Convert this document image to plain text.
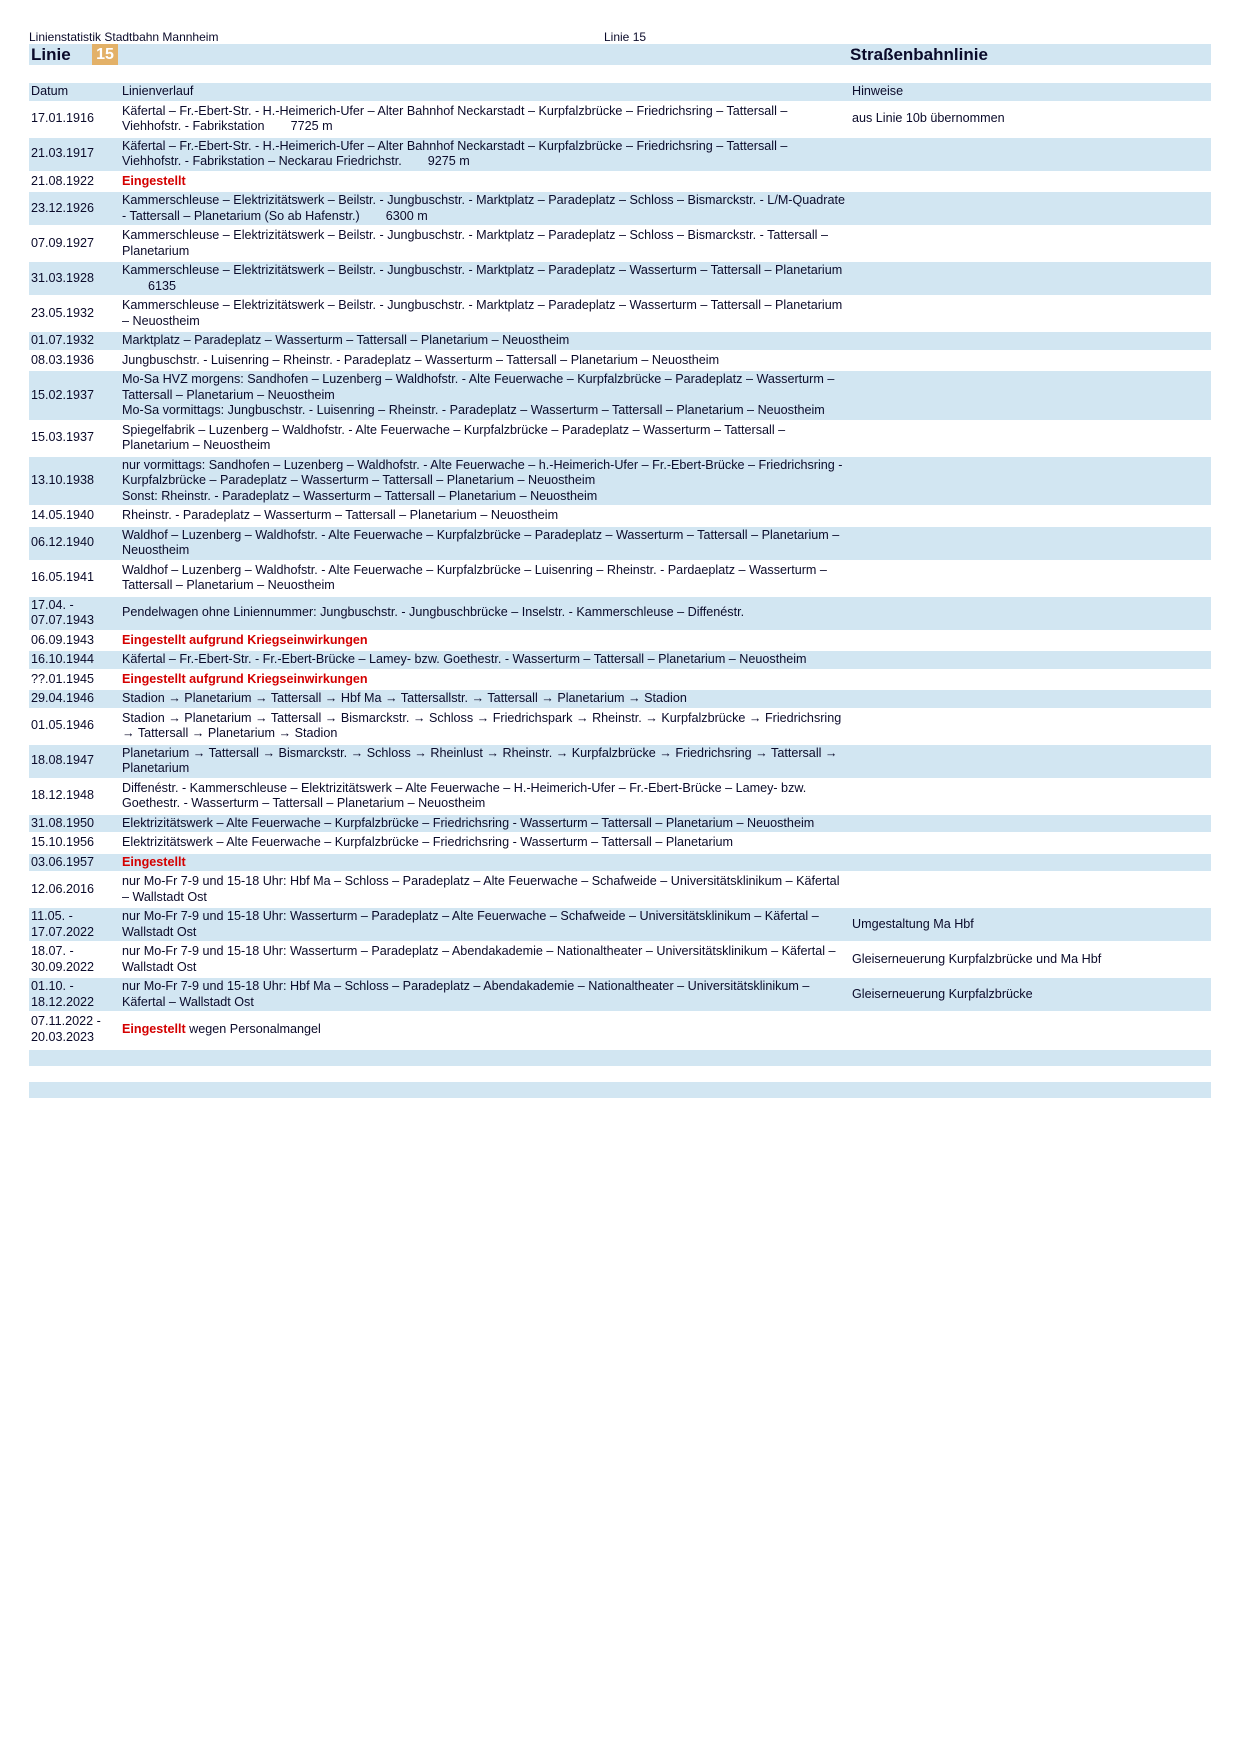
Linienstatistik Stadtbahn Mannheim	Linie 15
Linie 15	Straßenbahnlinie
Datum	Linienverlauf	Hinweise
17.01.1916	Käfertal – Fr.-Ebert-Str. - H.-Heimerich-Ufer – Alter Bahnhof Neckarstadt – Kurpfalzbrücke – Friedrichsring – Tattersall – Viehhofstr. - Fabrikstation 7725 m	aus Linie 10b übernommen
21.03.1917	Käfertal – Fr.-Ebert-Str. - H.-Heimerich-Ufer – Alter Bahnhof Neckarstadt – Kurpfalzbrücke – Friedrichsring – Tattersall – Viehhofstr. - Fabrikstation – Neckarau Friedrichstr. 9275 m	
21.08.1922	Eingestellt	
23.12.1926	Kammerschleuse – Elektrizitätswerk – Beilstr. - Jungbuschstr. - Marktplatz – Paradeplatz – Schloss – Bismarckstr. - L/M-Quadrate - Tattersall – Planetarium (So ab Hafenstr.) 6300 m	
07.09.1927	Kammerschleuse – Elektrizitätswerk – Beilstr. - Jungbuschstr. - Marktplatz – Paradeplatz – Schloss – Bismarckstr. - Tattersall – Planetarium	
31.03.1928	Kammerschleuse – Elektrizitätswerk – Beilstr. - Jungbuschstr. - Marktplatz – Paradeplatz – Wasserturm – Tattersall – Planetarium6135	
23.05.1932	Kammerschleuse – Elektrizitätswerk – Beilstr. - Jungbuschstr. - Marktplatz – Paradeplatz – Wasserturm – Tattersall – Planetarium – Neuostheim	
01.07.1932	Marktplatz – Paradeplatz – Wasserturm – Tattersall – Planetarium – Neuostheim	
08.03.1936	Jungbuschstr. - Luisenring – Rheinstr. - Paradeplatz – Wasserturm – Tattersall – Planetarium – Neuostheim	
15.02.1937	Mo-Sa HVZ morgens: Sandhofen – Luzenberg – Waldhofstr. - Alte Feuerwache – Kurpfalzbrücke – Paradeplatz – Wasserturm – Tattersall – Planetarium – Neuostheim
Mo-Sa vormittags: Jungbuschstr. - Luisenring – Rheinstr. - Paradeplatz – Wasserturm – Tattersall – Planetarium – Neuostheim	
15.03.1937	Spiegelfabrik – Luzenberg – Waldhofstr. - Alte Feuerwache – Kurpfalzbrücke – Paradeplatz – Wasserturm – Tattersall – Planetarium – Neuostheim	
13.10.1938	nur vormittags: Sandhofen – Luzenberg – Waldhofstr. - Alte Feuerwache – h.-Heimerich-Ufer – Fr.-Ebert-Brücke – Friedrichsring - Kurpfalzbrücke – Paradeplatz – Wasserturm – Tattersall – Planetarium – Neuostheim
Sonst: Rheinstr. - Paradeplatz – Wasserturm – Tattersall – Planetarium – Neuostheim	
14.05.1940	Rheinstr. - Paradeplatz – Wasserturm – Tattersall – Planetarium – Neuostheim	
06.12.1940	Waldhof – Luzenberg – Waldhofstr. - Alte Feuerwache – Kurpfalzbrücke – Paradeplatz – Wasserturm – Tattersall – Planetarium – Neuostheim	
16.05.1941	Waldhof – Luzenberg – Waldhofstr. - Alte Feuerwache – Kurpfalzbrücke – Luisenring – Rheinstr. - Pardaeplatz – Wasserturm – Tattersall – Planetarium – Neuostheim	
17.04. - 07.07.1943	Pendelwagen ohne Liniennummer: Jungbuschstr. - Jungbuschbrücke – Inselstr. - Kammerschleuse – Diffenéstr.	
06.09.1943	Eingestellt aufgrund Kriegseinwirkungen	
16.10.1944	Käfertal – Fr.-Ebert-Str. - Fr.-Ebert-Brücke – Lamey- bzw. Goethestr. - Wasserturm – Tattersall – Planetarium – Neuostheim	
??.01.1945	Eingestellt aufgrund Kriegseinwirkungen	
29.04.1946	Stadion → Planetarium → Tattersall → Hbf Ma → Tattersallstr. → Tattersall → Planetarium → Stadion	
01.05.1946	Stadion → Planetarium → Tattersall → Bismarckstr. → Schloss → Friedrichspark → Rheinstr. → Kurpfalzbrücke → Friedrichsring → Tattersall → Planetarium → Stadion	
18.08.1947	Planetarium → Tattersall → Bismarckstr. → Schloss → Rheinlust → Rheinstr. → Kurpfalzbrücke → Friedrichsring → Tattersall → Planetarium	
18.12.1948	Diffenéstr. - Kammerschleuse – Elektrizitätswerk – Alte Feuerwache – H.-Heimerich-Ufer – Fr.-Ebert-Brücke – Lamey- bzw. Goethestr. - Wasserturm – Tattersall – Planetarium – Neuostheim	
31.08.1950	Elektrizitätswerk – Alte Feuerwache – Kurpfalzbrücke – Friedrichsring - Wasserturm – Tattersall – Planetarium – Neuostheim	
15.10.1956	Elektrizitätswerk – Alte Feuerwache – Kurpfalzbrücke – Friedrichsring - Wasserturm – Tattersall – Planetarium	
03.06.1957	Eingestellt	
12.06.2016	nur Mo-Fr 7-9 und 15-18 Uhr: Hbf Ma – Schloss – Paradeplatz – Alte Feuerwache – Schafweide – Universitätsklinikum – Käfertal – Wallstadt Ost	
11.05. - 17.07.2022	nur Mo-Fr 7-9 und 15-18 Uhr: Wasserturm – Paradeplatz – Alte Feuerwache – Schafweide – Universitätsklinikum – Käfertal – Wallstadt Ost	Umgestaltung Ma Hbf
18.07. - 30.09.2022	nur Mo-Fr 7-9 und 15-18 Uhr: Wasserturm – Paradeplatz – Abendakademie – Nationaltheater – Universitätsklinikum – Käfertal – Wallstadt Ost	Gleiserneuerung Kurpfalzbrücke und Ma Hbf
01.10. - 18.12.2022	nur Mo-Fr 7-9 und 15-18 Uhr: Hbf Ma – Schloss – Paradeplatz – Abendakademie – Nationaltheater – Universitätsklinikum – Käfertal – Wallstadt Ost	Gleiserneuerung Kurpfalzbrücke
07.11.2022 - 20.03.2023	Eingestellt wegen Personalmangel	
